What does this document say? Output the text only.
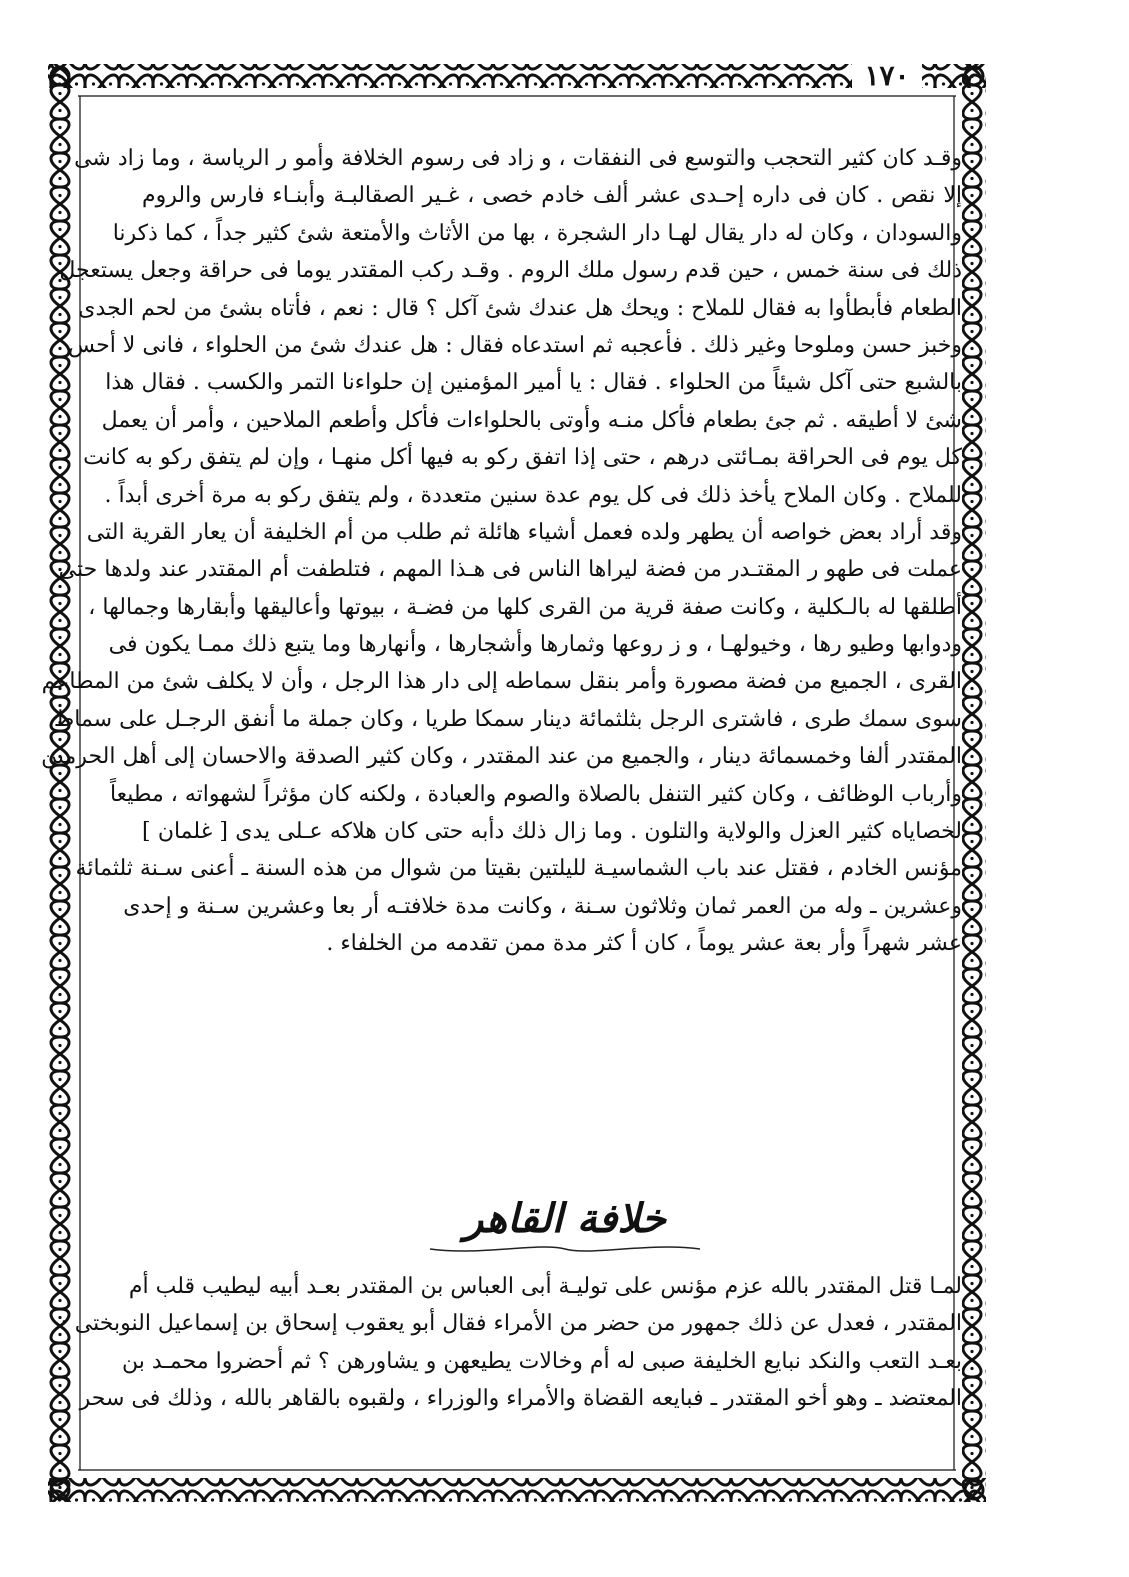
١٧٠
وقـد كان كثير التحجب والتوسع فى النفقات ، و زاد فى رسوم الخلافة وأمو ر الرياسة ، وما زاد شى
إلا نقص . كان فى داره إحـدى عشر ألف خادم خصى ، غـير الصقالبـة وأبنـاء فارس والروم
والسودان ، وكان له دار يقال لهـا دار الشجرة ، بها من الأثاث والأمتعة شئ كثير جداً ، كما ذكرنا
ذلك فى سنة خمس ، حين قدم رسول ملك الروم . وقـد ركب المقتدر يوما فى حراقة وجعل يستعجل
الطعام فأبطأوا به فقال للملاح : ويحك هل عندك شئ آكل ؟ قال : نعم ، فأتاه بشئ من لحم الجدى
وخبز حسن وملوحا وغير ذلك . فأعجبه ثم استدعاه فقال : هل عندك شئ من الحلواء ، فانى لا أحس
بالشبع حتى آكل شيئاً من الحلواء . فقال : يا أمير المؤمنين إن حلواءنا التمر والكسب . فقال هذا
شئ لا أطيقه . ثم جئ بطعام فأكل منـه وأوتى بالحلواءات فأكل وأطعم الملاحين ، وأمر أن يعمل
كل يوم فى الحراقة بمـائتى درهم ، حتى إذا اتفق ركو به فيها أكل منهـا ، وإن لم يتفق ركو به كانت
للملاح . وكان الملاح يأخذ ذلك فى كل يوم عدة سنين متعددة ، ولم يتفق ركو به مرة أخرى أبداً .
وقد أراد بعض خواصه أن يطهر ولده فعمل أشياء هائلة ثم طلب من أم الخليفة أن يعار القرية التى
عملت فى طهو ر المقتـدر من فضة ليراها الناس فى هـذا المهم ، فتلطفت أم المقتدر عند ولدها حتى
أطلقها له بالـكلية ، وكانت صفة قرية من القرى كلها من فضـة ، بيوتها وأعاليقها وأبقارها وجمالها ،
ودوابها وطيو رها ، وخيولهـا ، و ز روعها وثمارها وأشجارها ، وأنهارها وما يتبع ذلك ممـا يكون فى
القرى ، الجميع من فضة مصورة وأمر بنقل سماطه إلى دار هذا الرجل ، وأن لا يكلف شئ من المطاعم
سوى سمك طرى ، فاشترى الرجل بثلثمائة دينار سمكا طريا ، وكان جملة ما أنفق الرجـل على سماط
المقتدر ألفا وخمسمائة دينار ، والجميع من عند المقتدر ، وكان كثير الصدقة والاحسان إلى أهل الحرمين
وأرباب الوظائف ، وكان كثير التنفل بالصلاة والصوم والعبادة ، ولكنه كان مؤثراً لشهواته ، مطيعاً
لخصاياه كثير العزل والولاية والتلون . وما زال ذلك دأبه حتى كان هلاكه عـلى يدى [ غلمان ]
مؤنس الخادم ، فقتل عند باب الشماسيـة لليلتين بقيتا من شوال من هذه السنة ـ أعنى سـنة ثلثمائة
وعشرين ـ وله من العمر ثمان وثلاثون سـنة ، وكانت مدة خلافتـه أر بعا وعشرين سـنة و إحدى
عشر شهراً وأر بعة عشر يوماً ، كان أ كثر مدة ممن تقدمه من الخلفاء .
خلافة القاهر
لمـا قتل المقتدر بالله عزم مؤنس على توليـة أبى العباس بن المقتدر بعـد أبيه ليطيب قلب أم
المقتدر ، فعدل عن ذلك جمهور من حضر من الأمراء فقال أبو يعقوب إسحاق بن إسماعيل النوبختى :
بعـد التعب والنكد نبايع الخليفة صبى له أم وخالات يطيعهن و يشاورهن ؟ ثم أحضروا محمـد بن
المعتضد ـ وهو أخو المقتدر ـ فبايعه القضاة والأمراء والوزراء ، ولقبوه بالقاهر بالله ، وذلك فى سحر
